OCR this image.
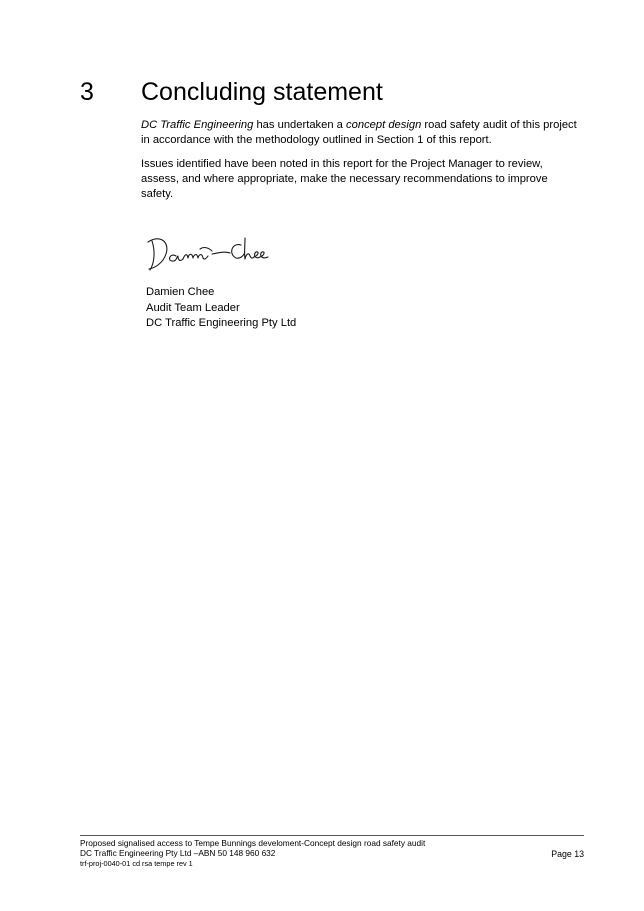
3 Concluding statement
DC Traffic Engineering has undertaken a concept design road safety audit of this project in accordance with the methodology outlined in Section 1 of this report.
Issues identified have been noted in this report for the Project Manager to review, assess, and where appropriate, make the necessary recommendations to improve safety.
Damien Chee
Audit Team Leader
DC Traffic Engineering Pty Ltd
Proposed signalised access to Tempe Bunnings develoment-Concept design road safety audit
DC Traffic Engineering Pty Ltd –ABN 50 148 960 632
trf-proj-0040-01 cd rsa tempe rev 1
Page 13
